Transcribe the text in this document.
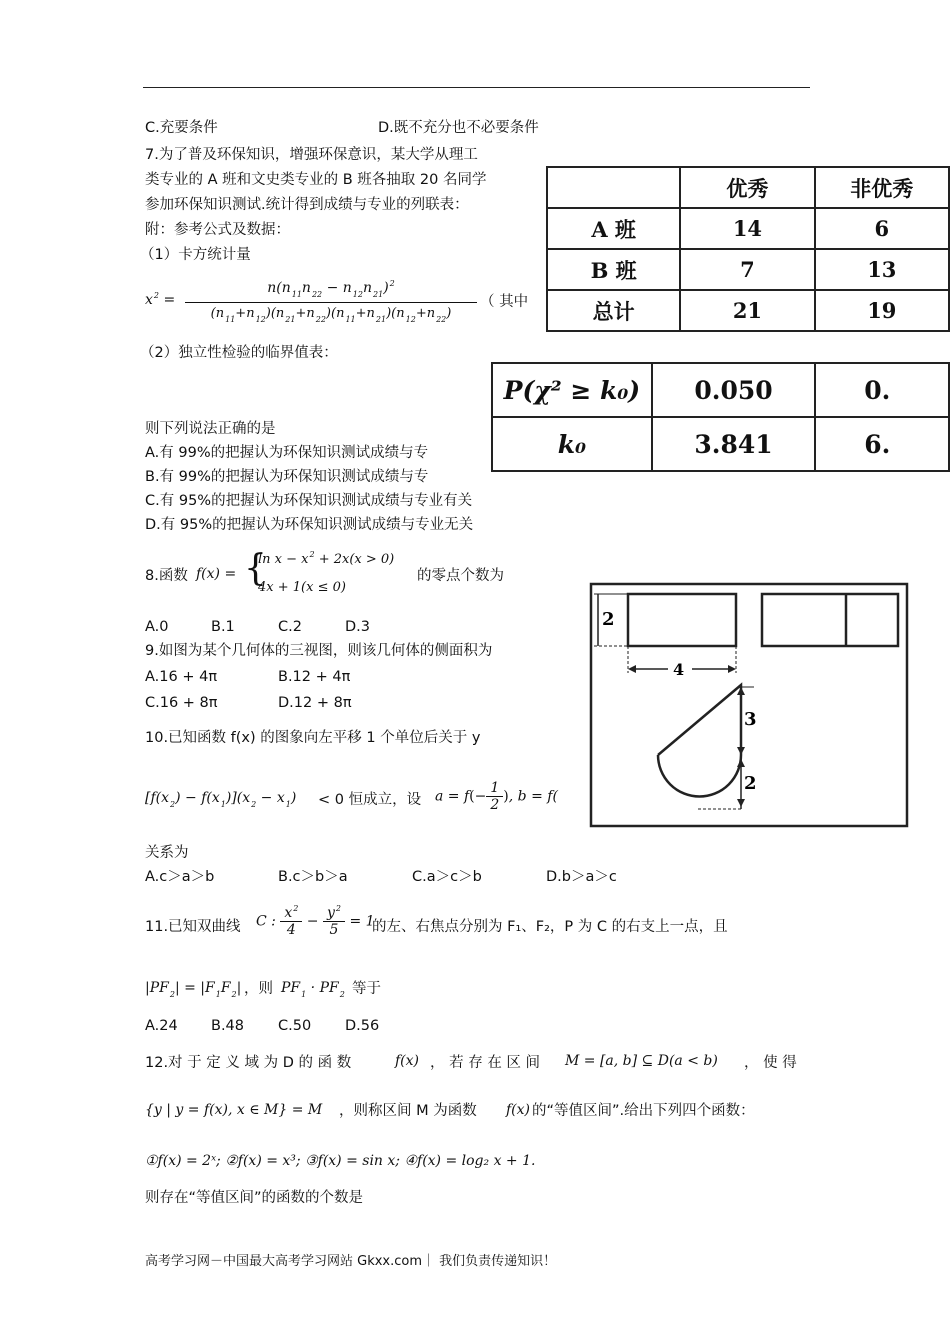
C.充要条件	D.既不充分也不必要条件
7.为了普及环保知识，增强环保意识，某大学从理工
类专业的 A 班和文史类专业的 B 班各抽取 20 名同学
参加环保知识测试.统计得到成绩与专业的列联表：
附：参考公式及数据：
（1）卡方统计量
$x^2$ =
$n(n_{11}n_{22} - n_{12}n_{21})^2$
$(n_{11}+n_{12})(n_{21}+n_{22})(n_{11}+n_{21})(n_{12}+n_{22})$
（ 其中
（2）独立性检验的临界值表：
	优秀	非优秀
A 班	14	6
B 班	7	13
总计	21	19
P(χ² ≥ k₀)	0.050	0.
k₀	3.841	6.
则下列说法正确的是
A.有 99%的把握认为环保知识测试成绩与专
B.有 99%的把握认为环保知识测试成绩与专
C.有 95%的把握认为环保知识测试成绩与专业有关
D.有 95%的把握认为环保知识测试成绩与专业无关
8.函数 f(x) = {
$\ln x - x^2 + 2x(x > 0)$
4x + 1(x ≤ 0)
的零点个数为
A.0	B.1	C.2	D.3
9.如图为某个几何体的三视图，则该几何体的侧面积为
A.16 + 4π	B.12 + 4π
C.16 + 8π	D.12 + 8π
2
4
3
2
10.已知函数 f(x) 的图象向左平移 1 个单位后关于 y
$[f(x_2) - f(x_1)](x_2 - x_1) < 0$ 恒成立，设 $a = f(- \frac{1}{2}$ ), b = f(
关系为
A.c＞a＞b	B.c＞b＞a	C.a＞c＞b	D.b＞a＞c
11.已知双曲线 C : $\frac{x^2}{4} - \frac{y^2}{5} = 1$
的左、右焦点分别为 F₁、F₂，P 为 C 的右支上一点，且
$|PF_2| = |F_1F_2|$ ，则 $PF_1 \cdot PF_2$ 等于
A.24 B.48 C.50 D.56
12.对 于 定 义 域 为 D 的 函 数	f(x) ， 若 存 在 区 间 M = [a, b] ⊆ D(a < b) ， 使 得
{y | y = f(x), x ∈ M} = M ，则称区间 M 为函数 f(x) 的“等值区间”.给出下列四个函数：
①f(x) = 2ˣ; ②f(x) = x³; ③f(x) = sin x; ④f(x) = log₂ x + 1.
则存在“等值区间”的函数的个数是
高考学习网－中国最大高考学习网站 Gkxx.com｜ 我们负责传递知识！
